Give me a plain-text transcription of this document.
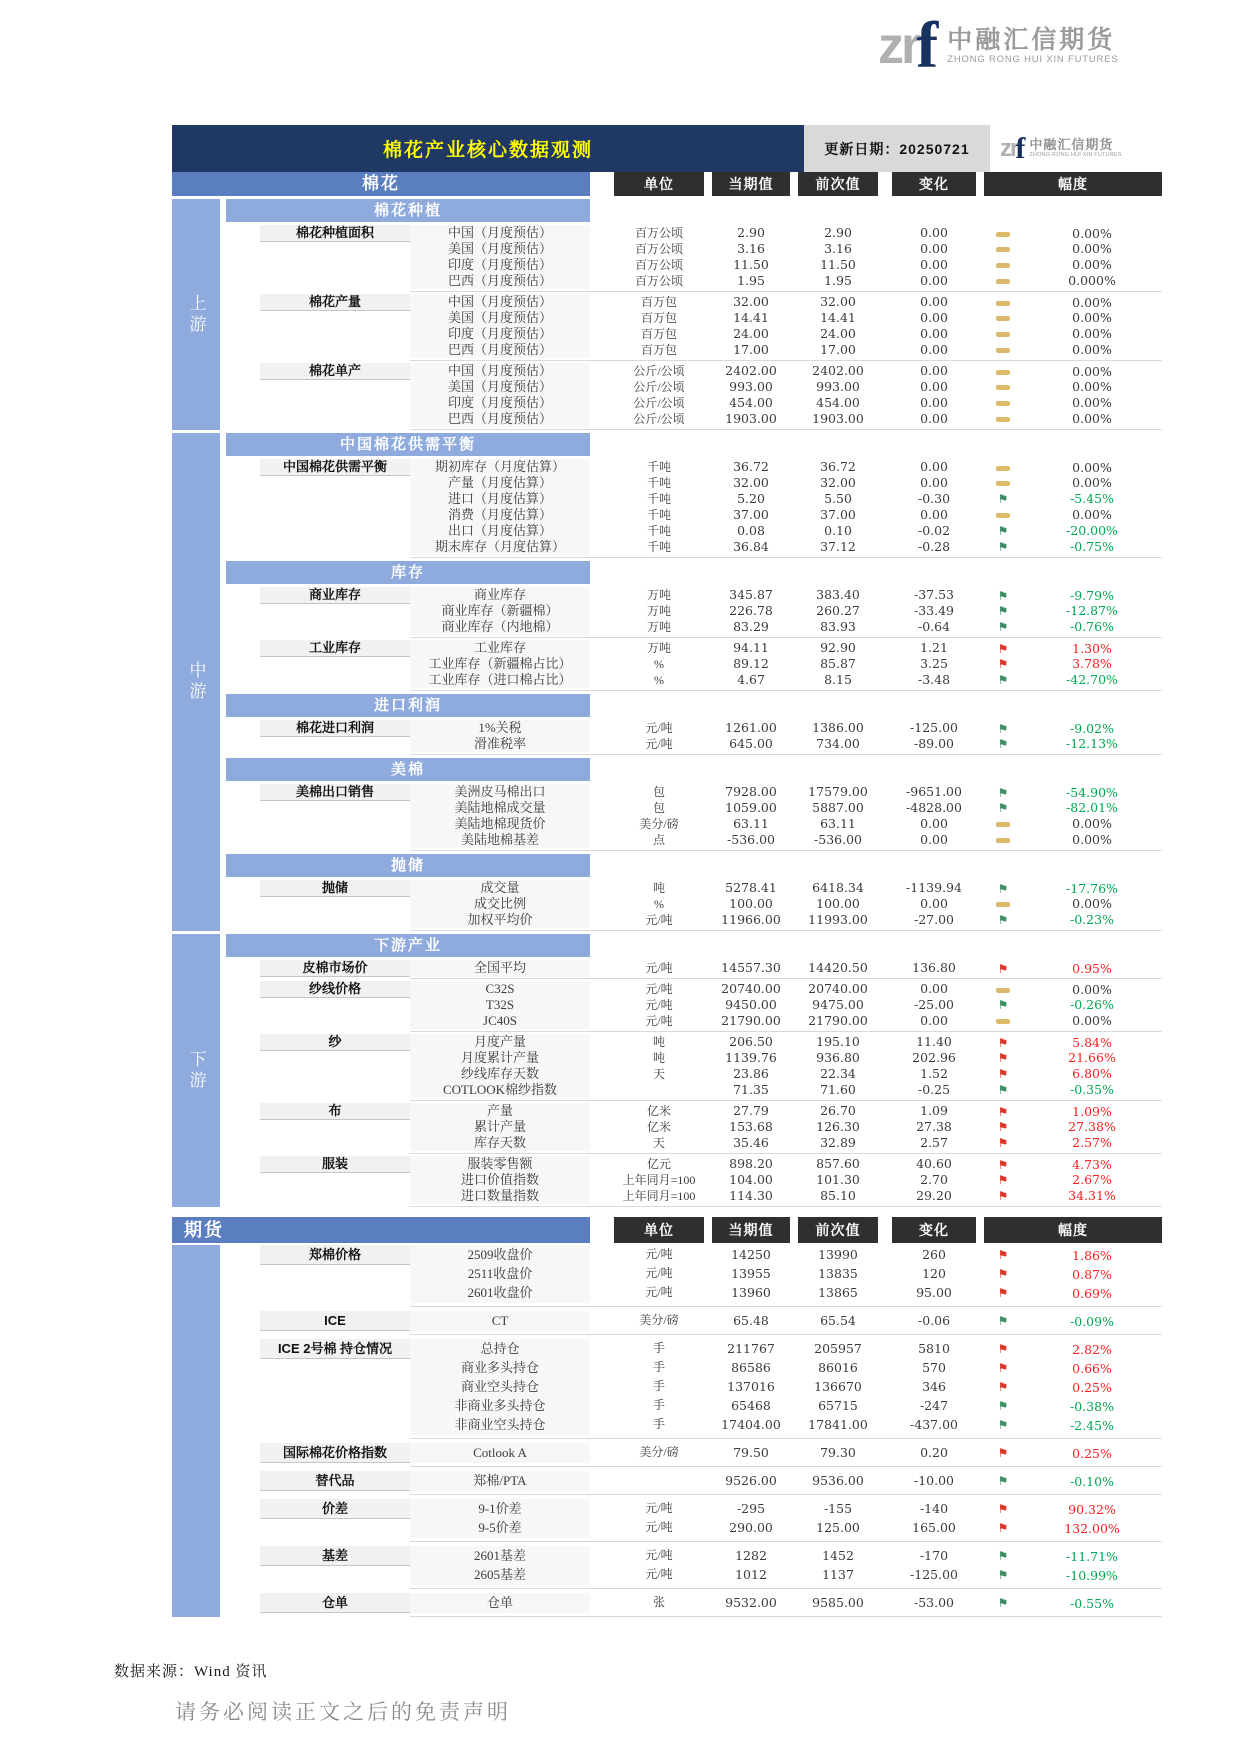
zr
f 中融汇信期货
ZHONG RONG HUI XIN FUTURES
棉花产业核心数据观测	更新日期： 20250721 zr
f 中融汇信期货
ZHONG RONG HUI XIN FUTURES
棉花	单位	当期值	前次值	变化	幅度
上游
棉花种植
棉花种植面积	中国（月度预估）	百万公顷	2.90	2.90	0.00	0.00%
美国（月度预估）	百万公顷	3.16	3.16	0.00	0.00%
印度（月度预估）	百万公顷	11.50	11.50	0.00	0.00%
巴西（月度预估）	百万公顷	1.95	1.95	0.00	0.000%
棉花产量	中国（月度预估）	百万包	32.00	32.00	0.00	0.00%
美国（月度预估）	百万包	14.41	14.41	0.00	0.00%
印度（月度预估）	百万包	24.00	24.00	0.00	0.00%
巴西（月度预估）	百万包	17.00	17.00	0.00	0.00%
棉花单产	中国（月度预估）	公斤/公顷	2402.00	2402.00	0.00	0.00%
美国（月度预估）	公斤/公顷	993.00	993.00	0.00	0.00%
印度（月度预估）	公斤/公顷	454.00	454.00	0.00	0.00%
巴西（月度预估）	公斤/公顷	1903.00	1903.00	0.00	0.00%
中游
中国棉花供需平衡
中国棉花供需平衡	期初库存（月度估算）	千吨	36.72	36.72	0.00	0.00%
产量（月度估算）	千吨	32.00	32.00	0.00	0.00%
进口（月度估算）	千吨	5.20	5.50	-0.30	⚑	-5.45%
消费（月度估算）	千吨	37.00	37.00	0.00	0.00%
出口（月度估算）	千吨	0.08	0.10	-0.02	⚑	-20.00%
期末库存（月度估算）	千吨	36.84	37.12	-0.28	⚑	-0.75%
库存
商业库存	商业库存	万吨	345.87	383.40	-37.53	⚑	-9.79%
商业库存（新疆棉）	万吨	226.78	260.27	-33.49	⚑	-12.87%
商业库存（内地棉）	万吨	83.29	83.93	-0.64	⚑	-0.76%
工业库存	工业库存	万吨	94.11	92.90	1.21	⚑	1.30%
工业库存（新疆棉占比）	%	89.12	85.87	3.25	⚑	3.78%
工业库存（进口棉占比）	%	4.67	8.15	-3.48	⚑	-42.70%
进口利润
棉花进口利润	1%关税	元/吨	1261.00	1386.00	-125.00	⚑	-9.02%
滑准税率	元/吨	645.00	734.00	-89.00	⚑	-12.13%
美棉
美棉出口销售	美洲皮马棉出口	包	7928.00	17579.00	-9651.00	⚑	-54.90%
美陆地棉成交量	包	1059.00	5887.00	-4828.00	⚑	-82.01%
美陆地棉现货价	美分/磅	63.11	63.11	0.00	0.00%
美陆地棉基差	点	-536.00	-536.00	0.00	0.00%
抛储
抛储	成交量	吨	5278.41	6418.34	-1139.94	⚑	-17.76%
成交比例	%	100.00	100.00	0.00	0.00%
加权平均价	元/吨	11966.00	11993.00	-27.00	⚑	-0.23%
下游
下游产业
皮棉市场价	全国平均	元/吨	14557.30	14420.50	136.80	⚑	0.95%
纱线价格	C32S	元/吨	20740.00	20740.00	0.00	0.00%
T32S	元/吨	9450.00	9475.00	-25.00	⚑	-0.26%
JC40S	元/吨	21790.00	21790.00	0.00	0.00%
纱	月度产量	吨	206.50	195.10	11.40	⚑	5.84%
月度累计产量	吨	1139.76	936.80	202.96	⚑	21.66%
纱线库存天数	天	23.86	22.34	1.52	⚑	6.80%
COTLOOK棉纱指数	71.35	71.60	-0.25	⚑	-0.35%
布	产量	亿米	27.79	26.70	1.09	⚑	1.09%
累计产量	亿米	153.68	126.30	27.38	⚑	27.38%
库存天数	天	35.46	32.89	2.57	⚑	2.57%
服装	服装零售额	亿元	898.20	857.60	40.60	⚑	4.73%
进口价值指数	上年同月=100	104.00	101.30	2.70	⚑	2.67%
进口数量指数	上年同月=100	114.30	85.10	29.20	⚑	34.31%
期货	单位	当期值	前次值	变化	幅度
郑棉价格	2509收盘价	元/吨	14250	13990	260	⚑	1.86%
2511收盘价	元/吨	13955	13835	120	⚑	0.87%
2601收盘价	元/吨	13960	13865	95.00	⚑	0.69%
ICE	CT	美分/磅	65.48	65.54	-0.06	⚑	-0.09%
ICE 2号棉 持仓情况	总持仓	手	211767	205957	5810	⚑	2.82%
商业多头持仓	手	86586	86016	570	⚑	0.66%
商业空头持仓	手	137016	136670	346	⚑	0.25%
非商业多头持仓	手	65468	65715	-247	⚑	-0.38%
非商业空头持仓	手	17404.00	17841.00	-437.00	⚑	-2.45%
国际棉花价格指数	Cotlook A	美分/磅	79.50	79.30	0.20	⚑	0.25%
替代品	郑棉/PTA	9526.00	9536.00	-10.00	⚑	-0.10%
价差	9-1价差	元/吨	-295	-155	-140	⚑	90.32%
9-5价差	元/吨	290.00	125.00	165.00	⚑	132.00%
基差	2601基差	元/吨	1282	1452	-170	⚑	-11.71%
2605基差	元/吨	1012	1137	-125.00	⚑	-10.99%
仓单	仓单	张	9532.00	9585.00	-53.00	⚑	-0.55%
数据来源：Wind 资讯
请务必阅读正文之后的免责声明
